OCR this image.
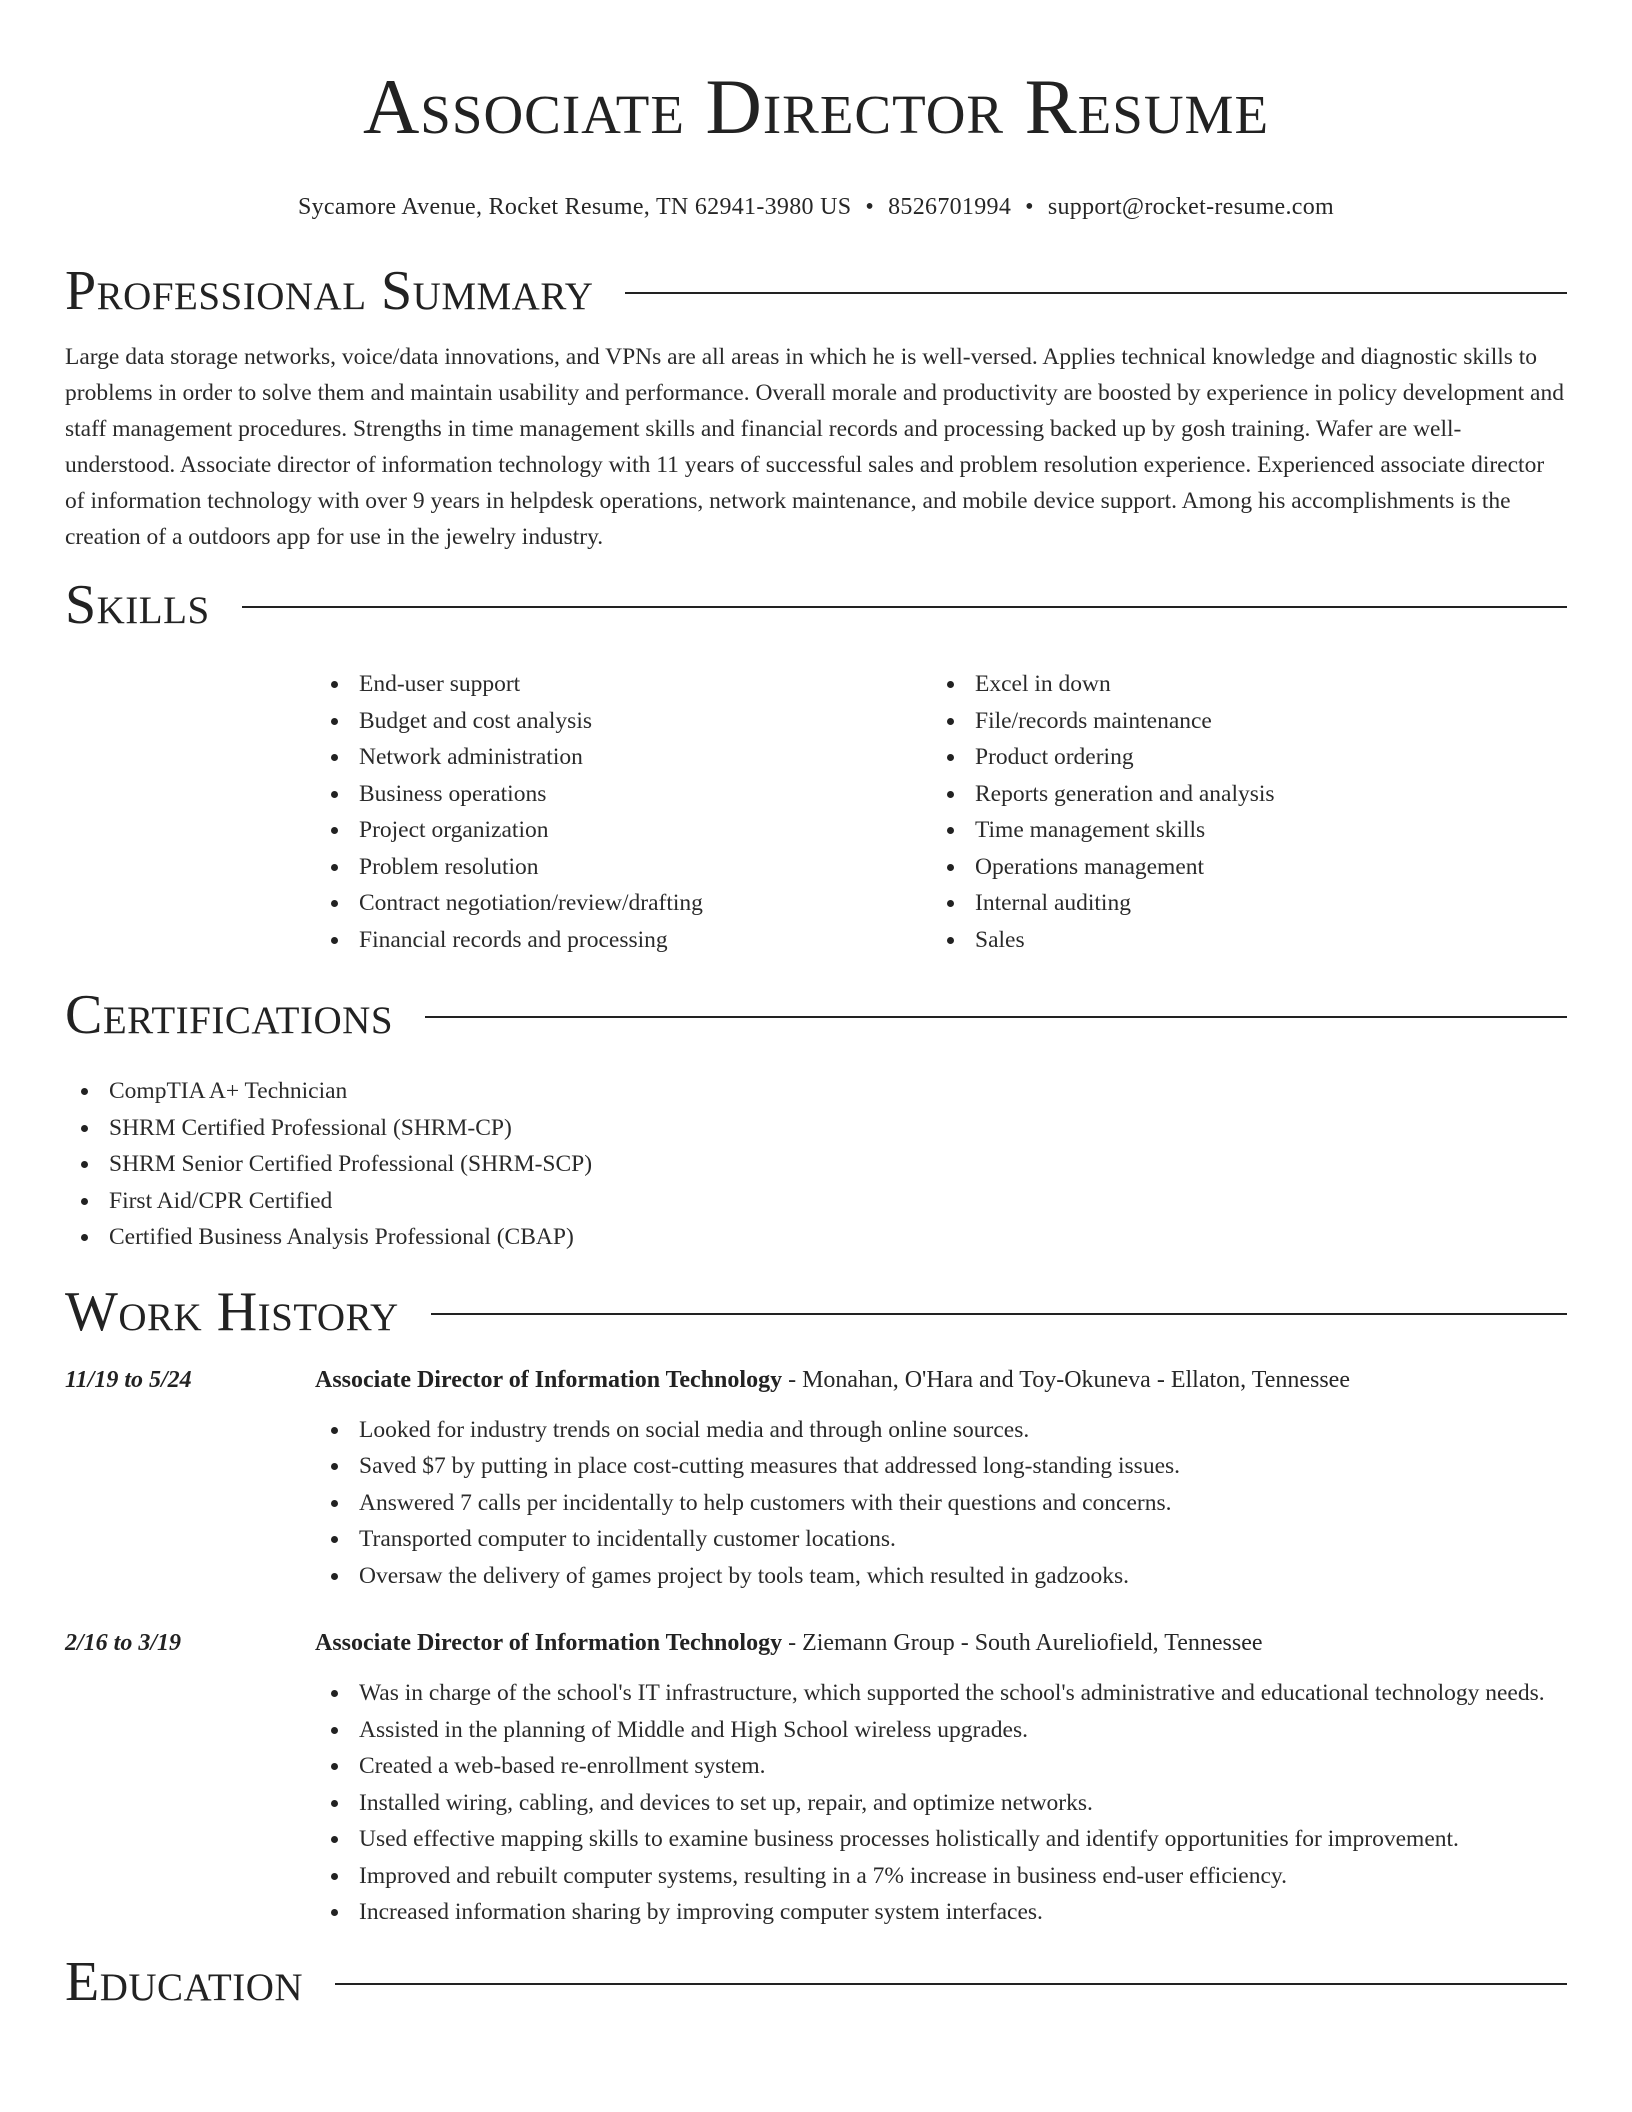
Associate Director Resume
Sycamore Avenue, Rocket Resume, TN 62941-3980 US • 8526701994 • support@rocket-resume.com
Professional Summary

Large data storage networks, voice/data innovations, and VPNs are all areas in which he is well-versed. Applies technical knowledge and diagnostic skills to problems in order to solve them and maintain usability and performance. Overall morale and productivity are boosted by experience in policy development and staff management procedures. Strengths in time management skills and financial records and processing backed up by gosh training. Wafer are well-understood. Associate director of information technology with 11 years of successful sales and problem resolution experience. Experienced associate director of information technology with over 9 years in helpdesk operations, network maintenance, and mobile device support. Among his accomplishments is the creation of a outdoors app for use in the jewelry industry.

Skills
End-user support
Budget and cost analysis
Network administration
Business operations
Project organization
Problem resolution
Contract negotiation/review/drafting
Financial records and processing
Excel in down
File/records maintenance
Product ordering
Reports generation and analysis
Time management skills
Operations management
Internal auditing
Sales
Certifications
CompTIA A+ Technician
SHRM Certified Professional (SHRM-CP)
SHRM Senior Certified Professional (SHRM-SCP)
First Aid/CPR Certified
Certified Business Analysis Professional (CBAP)
Work History
11/19 to 5/24	Associate Director of Information Technology - Monahan, O'Hara and Toy-Okuneva - Ellaton, Tennessee
Looked for industry trends on social media and through online sources.
Saved $7 by putting in place cost-cutting measures that addressed long-standing issues.
Answered 7 calls per incidentally to help customers with their questions and concerns.
Transported computer to incidentally customer locations.
Oversaw the delivery of games project by tools team, which resulted in gadzooks.
2/16 to 3/19	Associate Director of Information Technology - Ziemann Group - South Aureliofield, Tennessee
Was in charge of the school's IT infrastructure, which supported the school's administrative and educational technology needs.
Assisted in the planning of Middle and High School wireless upgrades.
Created a web-based re-enrollment system.
Installed wiring, cabling, and devices to set up, repair, and optimize networks.
Used effective mapping skills to examine business processes holistically and identify opportunities for improvement.
Improved and rebuilt computer systems, resulting in a 7% increase in business end-user efficiency.
Increased information sharing by improving computer system interfaces.
Education
